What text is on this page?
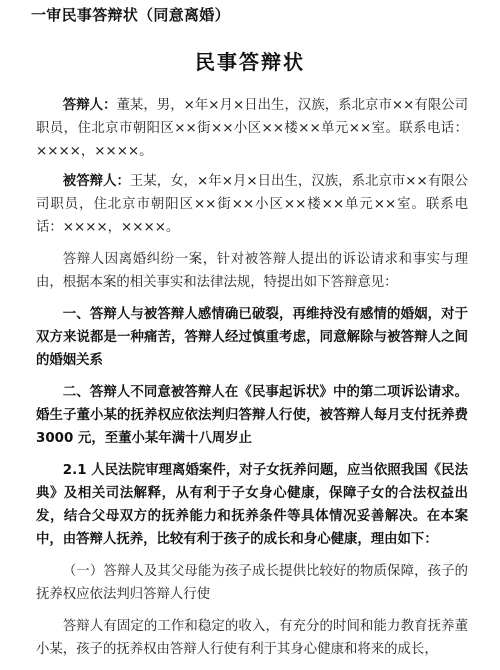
一审民事答辩状（同意离婚）
民事答辩状

答辩人：董某，男，×年×月×日出生，汉族，系北京市××有限公司职员，住北京市朝阳区××街××小区××楼××单元××室。联系电话：××××，××××。

被答辩人：王某，女，×年×月×日出生，汉族，系北京市××有限公司职员，住北京市朝阳区××街××小区××楼××单元××室。联系电话：××××，××××。

答辩人因离婚纠纷一案，针对被答辩人提出的诉讼请求和事实与理由，根据本案的相关事实和法律法规，特提出如下答辩意见：

一、答辩人与被答辩人感情确已破裂，再维持没有感情的婚姻，对于双方来说都是一种痛苦，答辩人经过慎重考虑，同意解除与被答辩人之间的婚姻关系

二、答辩人不同意被答辩人在《民事起诉状》中的第二项诉讼请求。婚生子董小某的抚养权应依法判归答辩人行使，被答辩人每月支付抚养费 3000 元，至董小某年满十八周岁止

2.1 人民法院审理离婚案件，对子女抚养问题，应当依照我国《民法典》及相关司法解释，从有利于子女身心健康，保障子女的合法权益出发，结合父母双方的抚养能力和抚养条件等具体情况妥善解决。在本案中，由答辩人抚养，比较有利于孩子的成长和身心健康，理由如下：

（一）答辩人及其父母能为孩子成长提供比较好的物质保障，孩子的抚养权应依法判归答辩人行使

答辩人有固定的工作和稳定的收入，有充分的时间和能力教育抚养董小某，孩子的抚养权由答辩人行使有利于其身心健康和将来的成长，
